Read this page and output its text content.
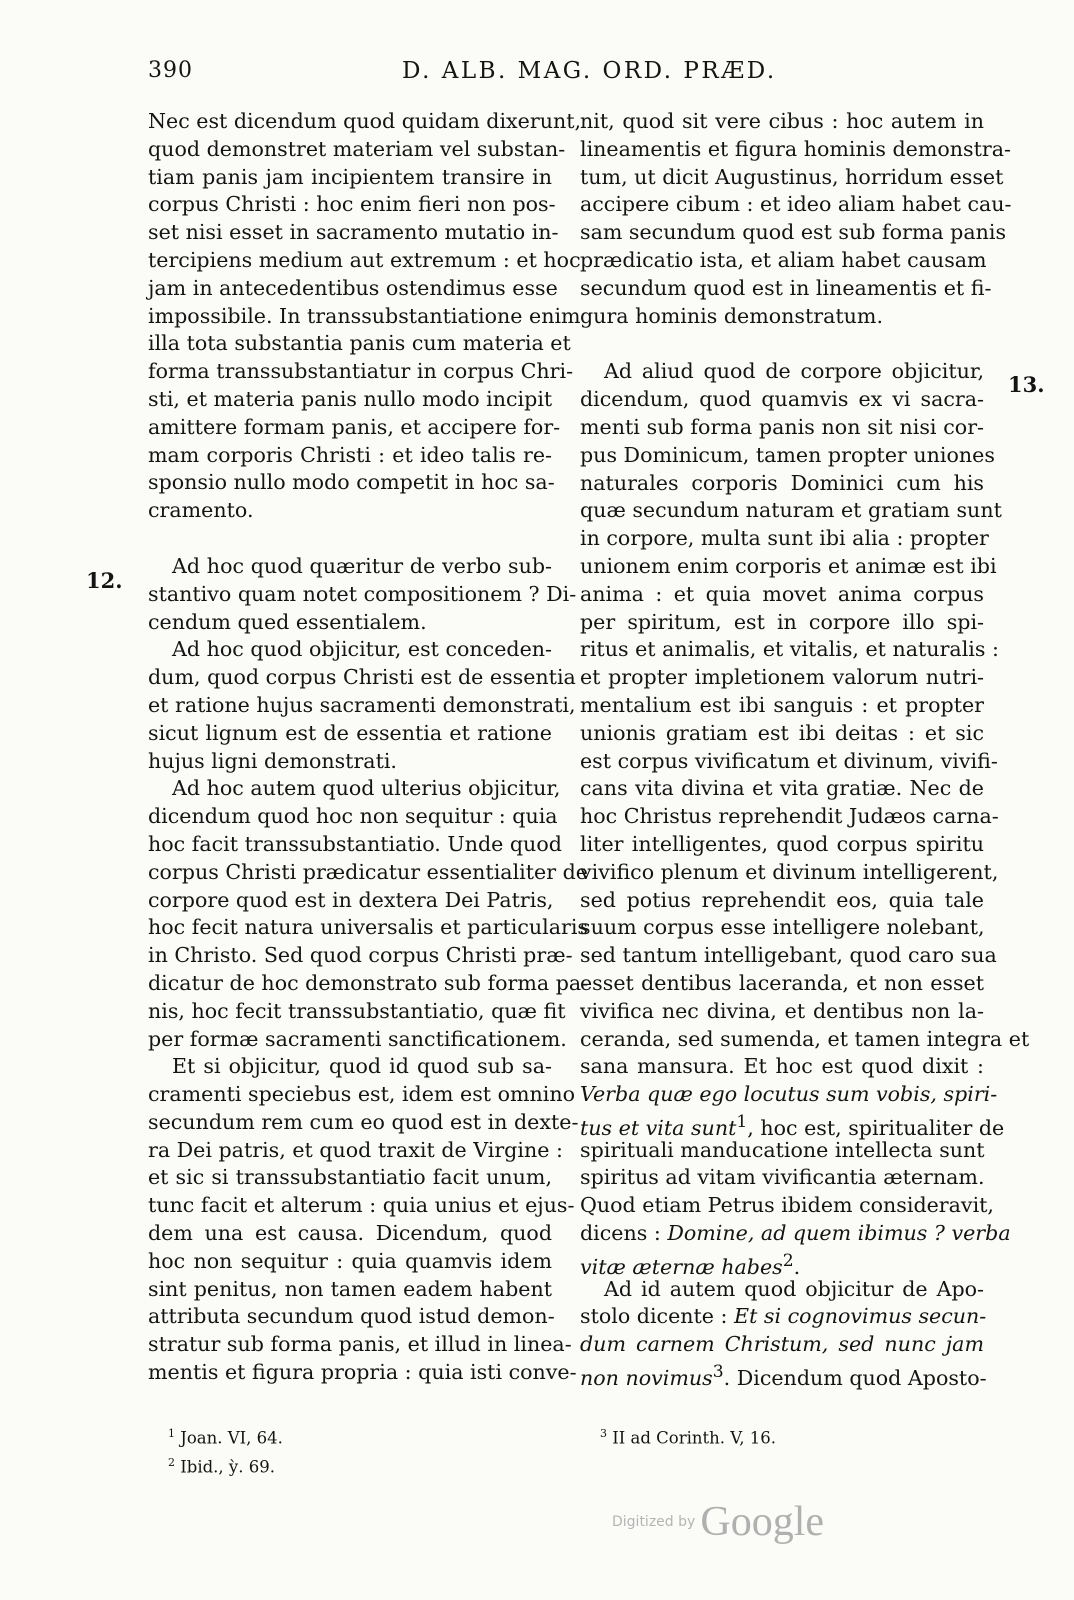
390	D. ALB. MAG. ORD. PRÆD.
Nec est dicendum quod quidam dixerunt,
quod demonstret materiam vel substan-
tiam panis jam incipientem transire in
corpus Christi : hoc enim fieri non pos-
set nisi esset in sacramento mutatio in-
tercipiens medium aut extremum : et hoc
jam in antecedentibus ostendimus esse
impossibile. In transsubstantiatione enim
illa tota substantia panis cum materia et
forma transsubstantiatur in corpus Chri-
sti, et materia panis nullo modo incipit
amittere formam panis, et accipere for-
mam corporis Christi : et ideo talis re-
sponsio nullo modo competit in hoc sa-
cramento.
Ad hoc quod quæritur de verbo sub-
stantivo quam notet compositionem ? Di-
cendum qued essentialem.
Ad hoc quod objicitur, est conceden-
dum, quod corpus Christi est de essentia
et ratione hujus sacramenti demonstrati,
sicut lignum est de essentia et ratione
hujus ligni demonstrati.
Ad hoc autem quod ulterius objicitur,
dicendum quod hoc non sequitur : quia
hoc facit transsubstantiatio. Unde quod
corpus Christi prædicatur essentialiter de
corpore quod est in dextera Dei Patris,
hoc fecit natura universalis et particularis
in Christo. Sed quod corpus Christi præ-
dicatur de hoc demonstrato sub forma pa-
nis, hoc fecit transsubstantiatio, quæ fit
per formæ sacramenti sanctificationem.
Et si objicitur, quod id quod sub sa-
cramenti speciebus est, idem est omnino
secundum rem cum eo quod est in dexte-
ra Dei patris, et quod traxit de Virgine :
et sic si transsubstantiatio facit unum,
tunc facit et alterum : quia unius et ejus-
dem una est causa. Dicendum, quod
hoc non sequitur : quia quamvis idem
sint penitus, non tamen eadem habent
attributa secundum quod istud demon-
stratur sub forma panis, et illud in linea-
mentis et figura propria : quia isti conve-
nit, quod sit vere cibus : hoc autem in
lineamentis et figura hominis demonstra-
tum, ut dicit Augustinus, horridum esset
accipere cibum : et ideo aliam habet cau-
sam secundum quod est sub forma panis
prædicatio ista, et aliam habet causam
secundum quod est in lineamentis et fi-
gura hominis demonstratum.
Ad aliud quod de corpore objicitur,
dicendum, quod quamvis ex vi sacra-
menti sub forma panis non sit nisi cor-
pus Dominicum, tamen propter uniones
naturales corporis Dominici cum his
quæ secundum naturam et gratiam sunt
in corpore, multa sunt ibi alia : propter
unionem enim corporis et animæ est ibi
anima : et quia movet anima corpus
per spiritum, est in corpore illo spi-
ritus et animalis, et vitalis, et naturalis :
et propter impletionem valorum nutri-
mentalium est ibi sanguis : et propter
unionis gratiam est ibi deitas : et sic
est corpus vivificatum et divinum, vivifi-
cans vita divina et vita gratiæ. Nec de
hoc Christus reprehendit Judæos carna-
liter intelligentes, quod corpus spiritu
vivifico plenum et divinum intelligerent,
sed potius reprehendit eos, quia tale
suum corpus esse intelligere nolebant,
sed tantum intelligebant, quod caro sua
esset dentibus laceranda, et non esset
vivifica nec divina, et dentibus non la-
ceranda, sed sumenda, et tamen integra et
sana mansura. Et hoc est quod dixit :
Verba quæ ego locutus sum vobis, spiri-
tus et vita sunt$^1$, hoc est, spiritualiter de
spirituali manducatione intellecta sunt
spiritus ad vitam vivificantia æternam.
Quod etiam Petrus ibidem consideravit,
dicens : Domine, ad quem ibimus ? verba
vitæ æternæ habes$^2$.
Ad id autem quod objicitur de Apo-
stolo dicente : Et si cognovimus secun-
dum carnem Christum, sed nunc jam
non novimus$^3$. Dicendum quod Aposto-
12.
13.
$^1$ Joan. VI, 64.
$^2$ Ibid., ỳ. 69.
$^3$ II ad Corinth. V, 16.
Digitized by Google
